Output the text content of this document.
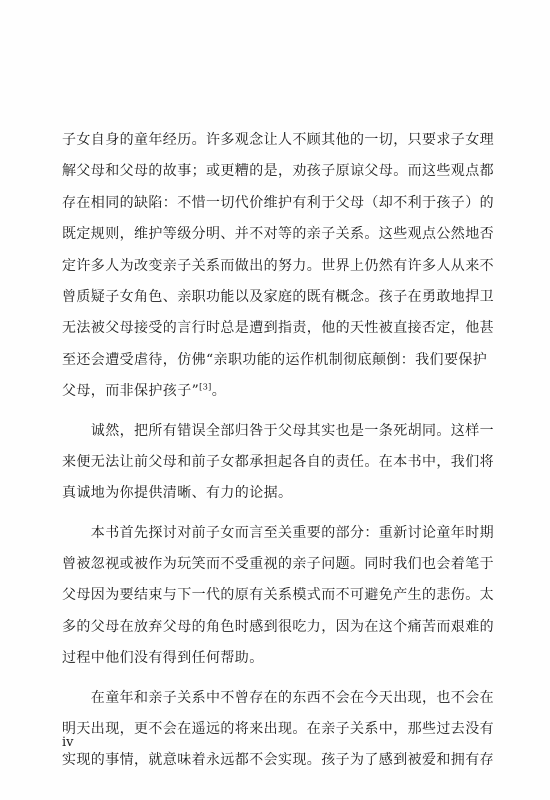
子女自身的童年经历。许多观念让人不顾其他的一切，只要求子女理
解父母和父母的故事；或更糟的是，劝孩子原谅父母。而这些观点都
存在相同的缺陷：不惜一切代价维护有利于父母（却不利于孩子）的
既定规则，维护等级分明、并不对等的亲子关系。这些观点公然地否
定许多人为改变亲子关系而做出的努力。世界上仍然有许多人从来不
曾质疑子女角色、亲职功能以及家庭的既有概念。孩子在勇敢地捍卫
无法被父母接受的言行时总是遭到指责，他的天性被直接否定，他甚
至还会遭受虐待，仿佛“亲职功能的运作机制彻底颠倒：我们要保护
父母，而非保护孩子”[3]。
　　诚然，把所有错误全部归咎于父母其实也是一条死胡同。这样一
来便无法让前父母和前子女都承担起各自的责任。在本书中，我们将
真诚地为你提供清晰、有力的论据。
　　本书首先探讨对前子女而言至关重要的部分：重新讨论童年时期
曾被忽视或被作为玩笑而不受重视的亲子问题。同时我们也会着笔于
父母因为要结束与下一代的原有关系模式而不可避免产生的悲伤。太
多的父母在放弃父母的角色时感到很吃力，因为在这个痛苦而艰难的
过程中他们没有得到任何帮助。
　　在童年和亲子关系中不曾存在的东西不会在今天出现，也不会在
明天出现，更不会在遥远的将来出现。在亲子关系中，那些过去没有
实现的事情，就意味着永远都不会实现。孩子为了感到被爱和拥有存
iv
